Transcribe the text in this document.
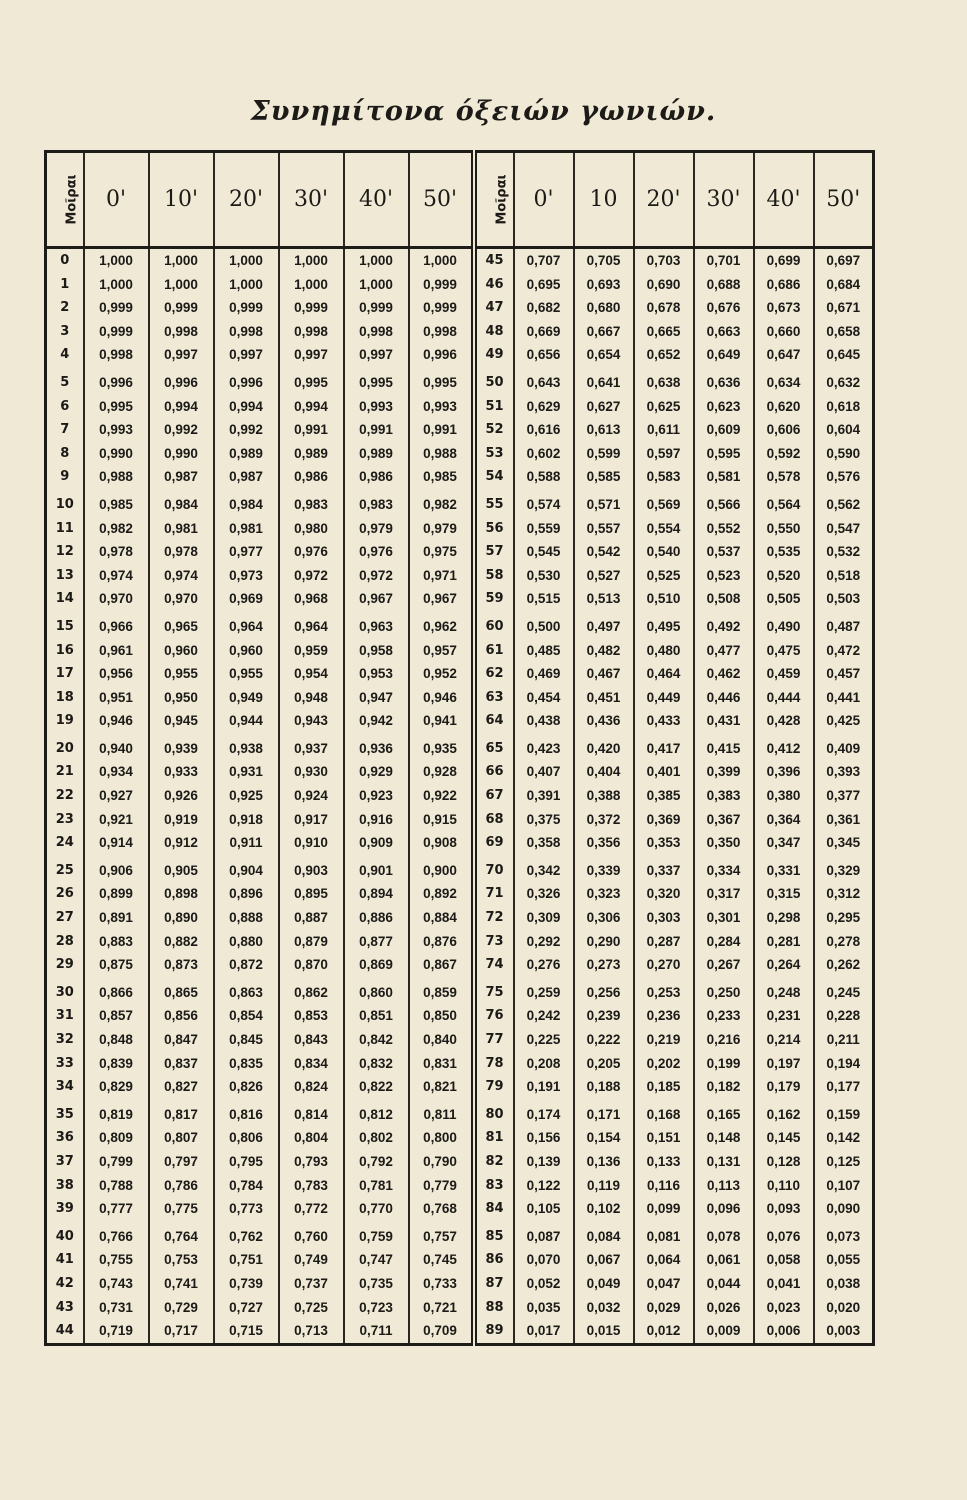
Συνημίτονα όξειών γωνιών.
Μοῖραι	0'	10'	20'	30'	40'	50'	Μοῖραι	0'	10	20'	30'	40'	50'
0	1,000	1,000	1,000	1,000	1,000	1,000	45	0,707	0,705	0,703	0,701	0,699	0,697
1	1,000	1,000	1,000	1,000	1,000	0,999	46	0,695	0,693	0,690	0,688	0,686	0,684
2	0,999	0,999	0,999	0,999	0,999	0,999	47	0,682	0,680	0,678	0,676	0,673	0,671
3	0,999	0,998	0,998	0,998	0,998	0,998	48	0,669	0,667	0,665	0,663	0,660	0,658
4	0,998	0,997	0,997	0,997	0,997	0,996	49	0,656	0,654	0,652	0,649	0,647	0,645
5	0,996	0,996	0,996	0,995	0,995	0,995	50	0,643	0,641	0,638	0,636	0,634	0,632
6	0,995	0,994	0,994	0,994	0,993	0,993	51	0,629	0,627	0,625	0,623	0,620	0,618
7	0,993	0,992	0,992	0,991	0,991	0,991	52	0,616	0,613	0,611	0,609	0,606	0,604
8	0,990	0,990	0,989	0,989	0,989	0,988	53	0,602	0,599	0,597	0,595	0,592	0,590
9	0,988	0,987	0,987	0,986	0,986	0,985	54	0,588	0,585	0,583	0,581	0,578	0,576
10	0,985	0,984	0,984	0,983	0,983	0,982	55	0,574	0,571	0,569	0,566	0,564	0,562
11	0,982	0,981	0,981	0,980	0,979	0,979	56	0,559	0,557	0,554	0,552	0,550	0,547
12	0,978	0,978	0,977	0,976	0,976	0,975	57	0,545	0,542	0,540	0,537	0,535	0,532
13	0,974	0,974	0,973	0,972	0,972	0,971	58	0,530	0,527	0,525	0,523	0,520	0,518
14	0,970	0,970	0,969	0,968	0,967	0,967	59	0,515	0,513	0,510	0,508	0,505	0,503
15	0,966	0,965	0,964	0,964	0,963	0,962	60	0,500	0,497	0,495	0,492	0,490	0,487
16	0,961	0,960	0,960	0,959	0,958	0,957	61	0,485	0,482	0,480	0,477	0,475	0,472
17	0,956	0,955	0,955	0,954	0,953	0,952	62	0,469	0,467	0,464	0,462	0,459	0,457
18	0,951	0,950	0,949	0,948	0,947	0,946	63	0,454	0,451	0,449	0,446	0,444	0,441
19	0,946	0,945	0,944	0,943	0,942	0,941	64	0,438	0,436	0,433	0,431	0,428	0,425
20	0,940	0,939	0,938	0,937	0,936	0,935	65	0,423	0,420	0,417	0,415	0,412	0,409
21	0,934	0,933	0,931	0,930	0,929	0,928	66	0,407	0,404	0,401	0,399	0,396	0,393
22	0,927	0,926	0,925	0,924	0,923	0,922	67	0,391	0,388	0,385	0,383	0,380	0,377
23	0,921	0,919	0,918	0,917	0,916	0,915	68	0,375	0,372	0,369	0,367	0,364	0,361
24	0,914	0,912	0,911	0,910	0,909	0,908	69	0,358	0,356	0,353	0,350	0,347	0,345
25	0,906	0,905	0,904	0,903	0,901	0,900	70	0,342	0,339	0,337	0,334	0,331	0,329
26	0,899	0,898	0,896	0,895	0,894	0,892	71	0,326	0,323	0,320	0,317	0,315	0,312
27	0,891	0,890	0,888	0,887	0,886	0,884	72	0,309	0,306	0,303	0,301	0,298	0,295
28	0,883	0,882	0,880	0,879	0,877	0,876	73	0,292	0,290	0,287	0,284	0,281	0,278
29	0,875	0,873	0,872	0,870	0,869	0,867	74	0,276	0,273	0,270	0,267	0,264	0,262
30	0,866	0,865	0,863	0,862	0,860	0,859	75	0,259	0,256	0,253	0,250	0,248	0,245
31	0,857	0,856	0,854	0,853	0,851	0,850	76	0,242	0,239	0,236	0,233	0,231	0,228
32	0,848	0,847	0,845	0,843	0,842	0,840	77	0,225	0,222	0,219	0,216	0,214	0,211
33	0,839	0,837	0,835	0,834	0,832	0,831	78	0,208	0,205	0,202	0,199	0,197	0,194
34	0,829	0,827	0,826	0,824	0,822	0,821	79	0,191	0,188	0,185	0,182	0,179	0,177
35	0,819	0,817	0,816	0,814	0,812	0,811	80	0,174	0,171	0,168	0,165	0,162	0,159
36	0,809	0,807	0,806	0,804	0,802	0,800	81	0,156	0,154	0,151	0,148	0,145	0,142
37	0,799	0,797	0,795	0,793	0,792	0,790	82	0,139	0,136	0,133	0,131	0,128	0,125
38	0,788	0,786	0,784	0,783	0,781	0,779	83	0,122	0,119	0,116	0,113	0,110	0,107
39	0,777	0,775	0,773	0,772	0,770	0,768	84	0,105	0,102	0,099	0,096	0,093	0,090
40	0,766	0,764	0,762	0,760	0,759	0,757	85	0,087	0,084	0,081	0,078	0,076	0,073
41	0,755	0,753	0,751	0,749	0,747	0,745	86	0,070	0,067	0,064	0,061	0,058	0,055
42	0,743	0,741	0,739	0,737	0,735	0,733	87	0,052	0,049	0,047	0,044	0,041	0,038
43	0,731	0,729	0,727	0,725	0,723	0,721	88	0,035	0,032	0,029	0,026	0,023	0,020
44	0,719	0,717	0,715	0,713	0,711	0,709	89	0,017	0,015	0,012	0,009	0,006	0,003
